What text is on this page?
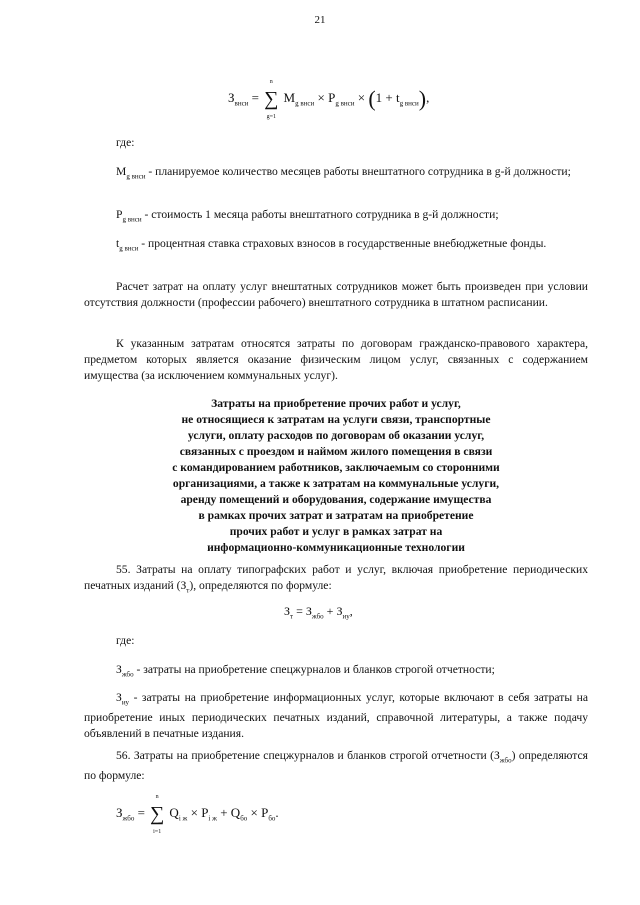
21
$З_{внси}$ =
n
∑
g=1
$M_{g внси} \times P_{g внси} \times (1 + t_{g внси})$,
где:
$M_{g внси}$ - планируемое количество месяцев работы внештатного сотрудника в g-й должности;
$P_{g внси}$ - стоимость 1 месяца работы внештатного сотрудника в g-й должности;
$t_{g внси}$ - процентная ставка страховых взносов в государственные внебюджетные фонды.
Расчет затрат на оплату услуг внештатных сотрудников может быть произведен при условии отсутствия должности (профессии рабочего) внештатного сотрудника в штатном расписании.
К указанным затратам относятся затраты по договорам гражданско-правового характера, предметом которых является оказание физическим лицом услуг, связанных с содержанием имущества (за исключением коммунальных услуг).
Затраты на приобретение прочих работ и услуг,
не относящиеся к затратам на услуги связи, транспортные
услуги, оплату расходов по договорам об оказании услуг,
связанных с проездом и наймом жилого помещения в связи
с командированием работников, заключаемым со сторонними
организациями, а также к затратам на коммунальные услуги,
аренду помещений и оборудования, содержание имущества
в рамках прочих затрат и затратам на приобретение
прочих работ и услуг в рамках затрат на
информационно-коммуникационные технологии
55. Затраты на оплату типографских работ и услуг, включая приобретение периодических печатных изданий $(З_т)$, определяются по формуле:
$З_т = З_{жбо} + З_{иу}$,
где:
$З_{жбо}$ - затраты на приобретение спецжурналов и бланков строгой отчетности;
$З_{иу}$ - затраты на приобретение информационных услуг, которые включают в себя затраты на приобретение иных периодических печатных изданий, справочной литературы, а также подачу объявлений в печатные издания.
56. Затраты на приобретение спецжурналов и бланков строгой отчетности $(З_{жбо})$ определяются по формуле:
$З_{жбо}$ =
n
∑
i=1
$Q_{i ж} \times P_{i ж} + Q_{бо} \times P_{бо}$.
